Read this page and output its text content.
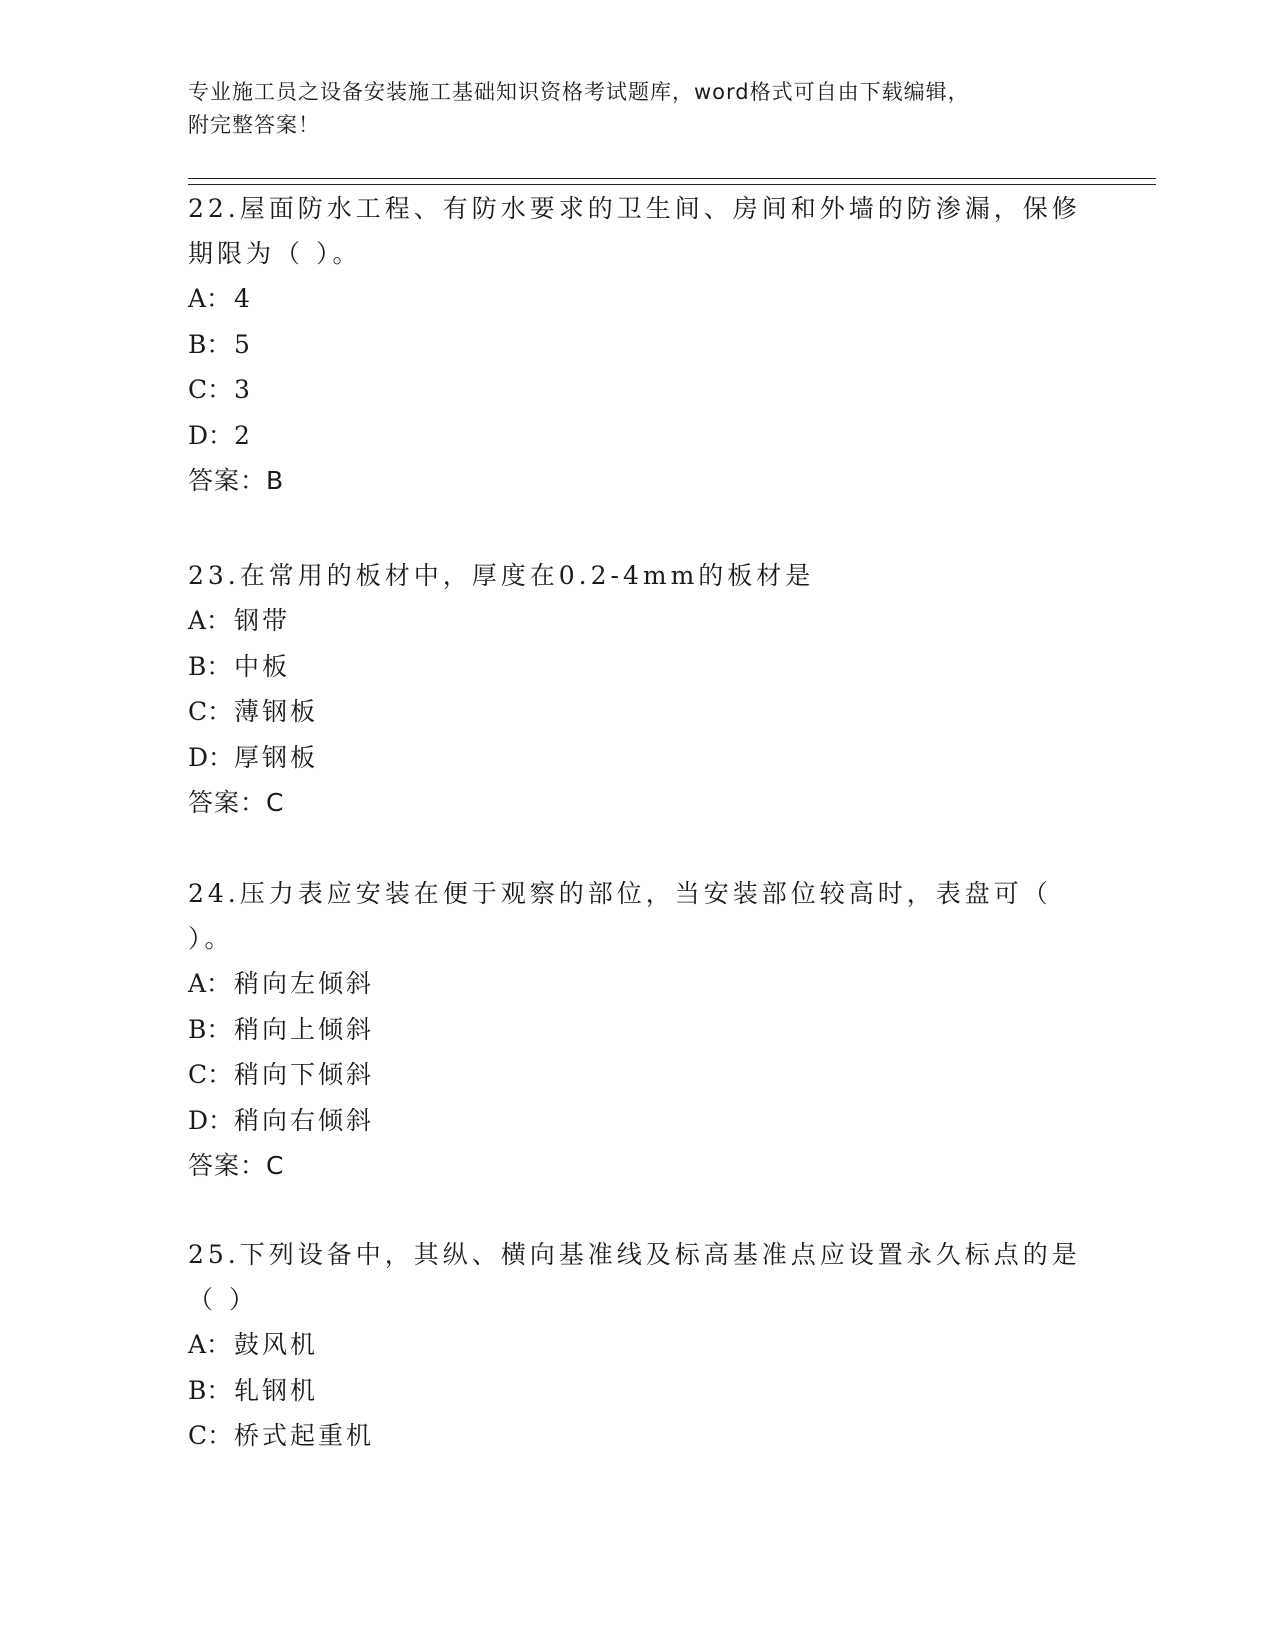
专业施工员之设备安装施工基础知识资格考试题库，word格式可自由下载编辑，
附完整答案！

22.屋面防水工程、有防水要求的卫生间、房间和外墙的防渗漏，保修期限为（ ）。

A： 4
B： 5
C：3
D：2
答案：B

23.在常用的板材中，厚度在0.2-4mm的板材是

A： 钢带
B： 中板
C：薄钢板
D：厚钢板
答案：C

24.压力表应安装在便于观察的部位，当安装部位较高时，表盘可（ ）。

A： 稍向左倾斜
B： 稍向上倾斜
C：稍向下倾斜
D：稍向右倾斜
答案：C

25.下列设备中，其纵、横向基准线及标高基准点应设置永久标点的是（ ）

A： 鼓风机
B： 轧钢机
C：桥式起重机
